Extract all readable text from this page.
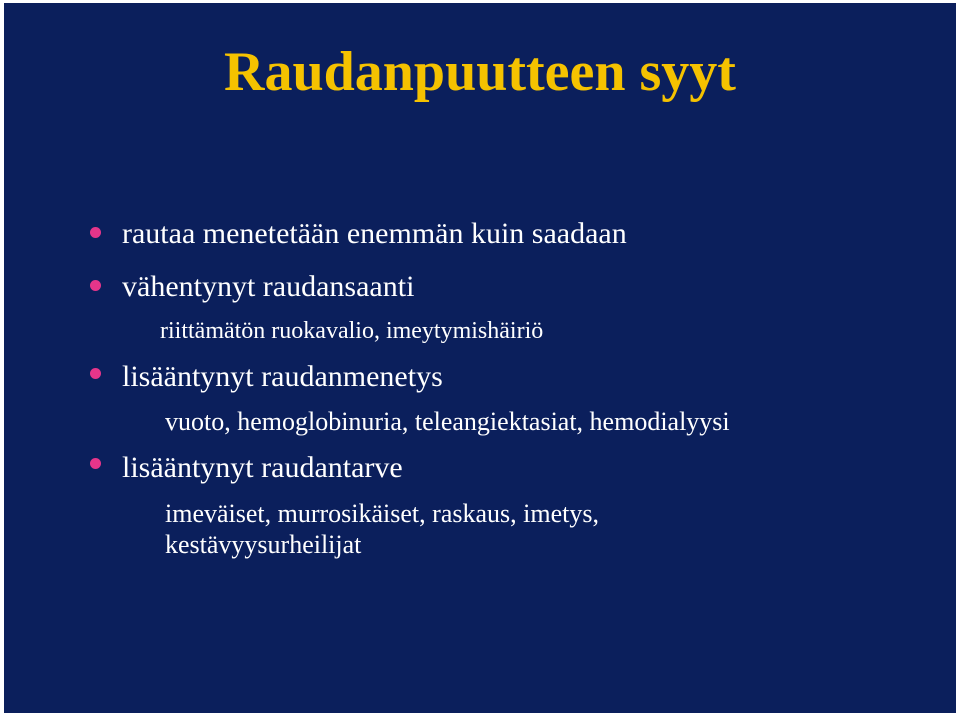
Raudanpuutteen syyt
rautaa menetetään enemmän kuin saadaan
vähentynyt raudansaanti
riittämätön ruokavalio, imeytymishäiriö
lisääntynyt raudanmenetys
vuoto, hemoglobinuria, teleangiektasiat, hemodialyysi
lisääntynyt raudantarve
imeväiset, murrosikäiset, raskaus, imetys,
kestävyysurheilijat
